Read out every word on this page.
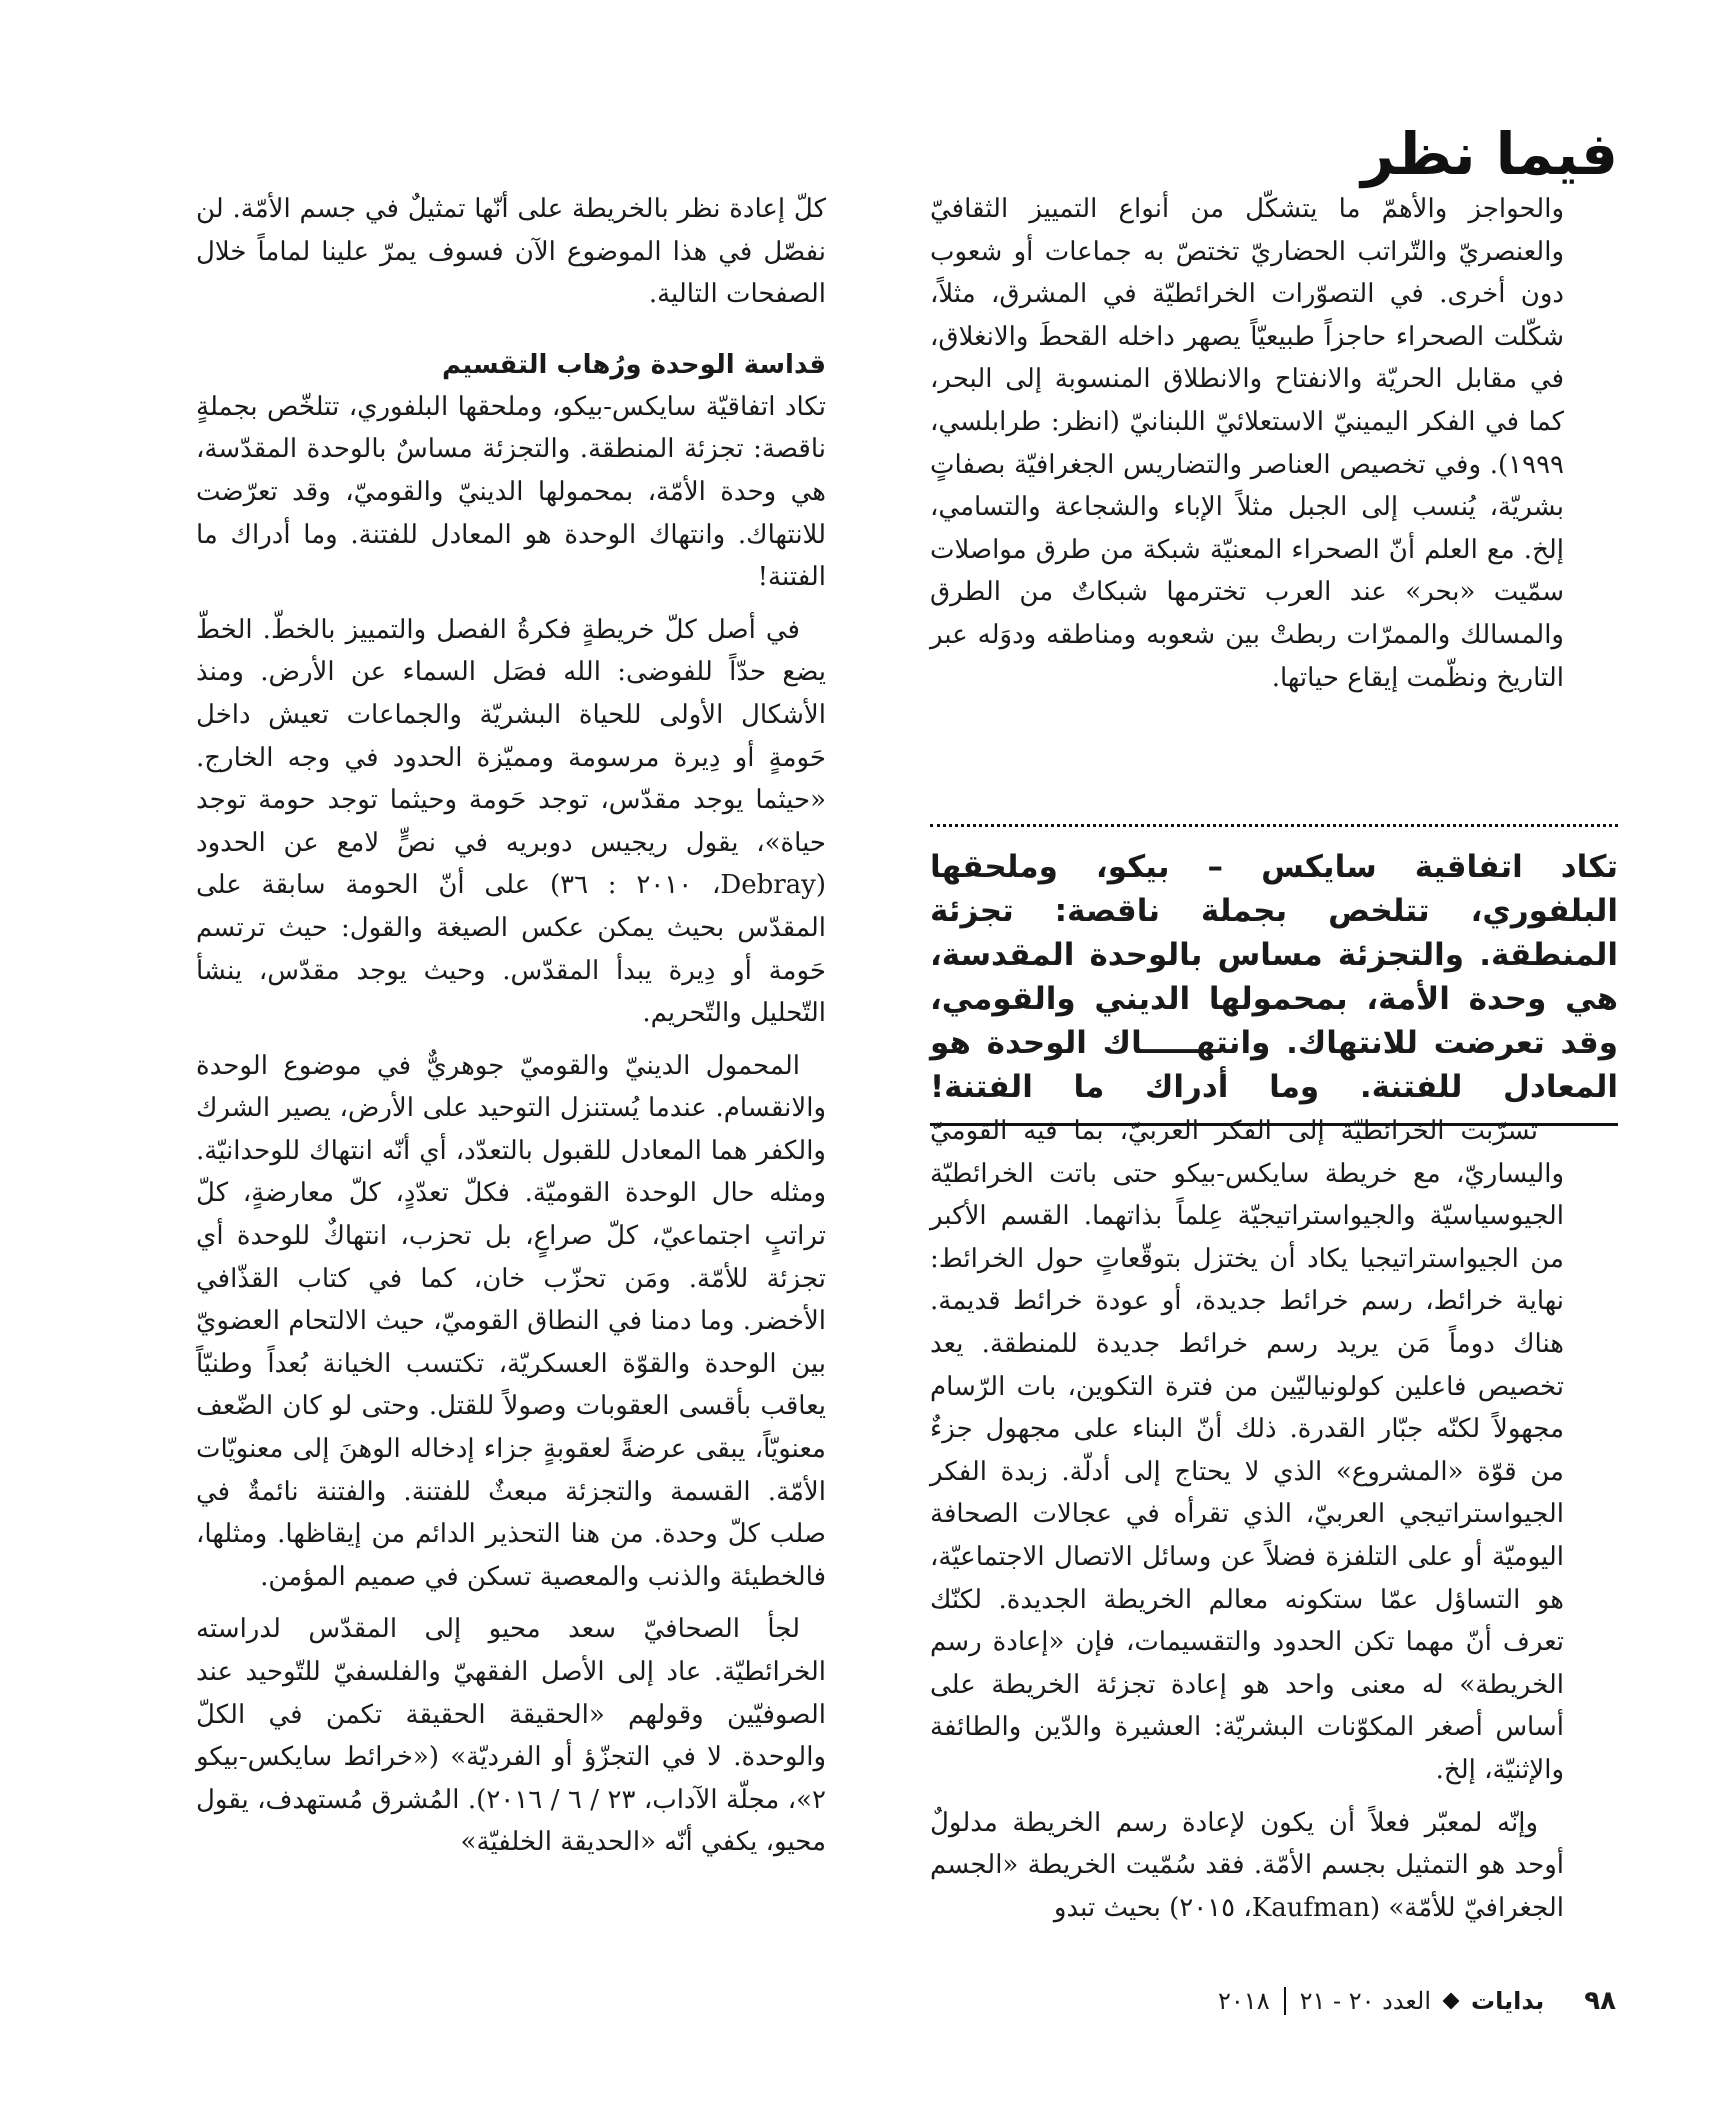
فيما نظر

والحواجز والأهمّ ما يتشكّل من أنواع التمييز الثقافيّ والعنصريّ والتّراتب الحضاريّ تختصّ به جماعات أو شعوب دون أخرى. في التصوّرات الخرائطيّة في المشرق، مثلاً، شكّلت الصحراء حاجزاً طبيعيّاً يصهر داخله القحطَ والانغلاق، في مقابل الحريّة والانفتاح والانطلاق المنسوبة إلى البحر، كما في الفكر اليمينيّ الاستعلائيّ اللبنانيّ (انظر: طرابلسي، ١٩٩٩). وفي تخصيص العناصر والتضاريس الجغرافيّة بصفاتٍ بشريّة، يُنسب إلى الجبل مثلاً الإباء والشجاعة والتسامي، إلخ. مع العلم أنّ الصحراء المعنيّة شبكة من طرق مواصلات سمّيت «بحر» عند العرب تخترمها شبكاتٌ من الطرق والمسالك والممرّات ربطتْ بين شعوبه ومناطقه ودوَله عبر التاريخ ونظّمت إيقاع حياتها.

تكاد اتفاقية سايكس – بيكو، وملحقها البلفوري، تتلخص بجملة ناقصة: تجزئة المنطقة. والتجزئة مساس بالوحدة المقدسة، هي وحدة الأمة، بمحمولها الديني والقومي، وقد تعرضت للانتهاك. وانتهـــــاك الوحدة هو المعادل للفتنة. وما أدراك ما الفتنة!

تسرّبت الخرائطيّة إلى الفكر العربيّ، بما فيه القوميّ واليساريّ، مع خريطة سايكس-بيكو حتى باتت الخرائطيّة الجيوسياسيّة والجيواستراتيجيّة عِلماً بذاتهما. القسم الأكبر من الجيواستراتيجيا يكاد أن يختزل بتوقّعاتٍ حول الخرائط: نهاية خرائط، رسم خرائط جديدة، أو عودة خرائط قديمة. هناك دوماً مَن يريد رسم خرائط جديدة للمنطقة. يعد تخصيص فاعلين كولونياليّين من فترة التكوين، بات الرّسام مجهولاً لكنّه جبّار القدرة. ذلك أنّ البناء على مجهول جزءٌ من قوّة «المشروع» الذي لا يحتاج إلى أدلّة. زبدة الفكر الجيواستراتيجي العربيّ، الذي تقرأه في عجالات الصحافة اليوميّة أو على التلفزة فضلاً عن وسائل الاتصال الاجتماعيّة، هو التساؤل عمّا ستكونه معالم الخريطة الجديدة. لكنّك تعرف أنّ مهما تكن الحدود والتقسيمات، فإن «إعادة رسم الخريطة» له معنى واحد هو إعادة تجزئة الخريطة على أساس أصغر المكوّنات البشريّة: العشيرة والدّين والطائفة والإثنيّة، إلخ.

وإنّه لمعبّر فعلاً أن يكون لإعادة رسم الخريطة مدلولٌ أوحد هو التمثيل بجسم الأمّة. فقد سُمّيت الخريطة «الجسم الجغرافيّ للأمّة» (Kaufman، ٢٠١٥) بحيث تبدو

كلّ إعادة نظر بالخريطة على أنّها تمثيلٌ في جسم الأمّة. لن نفصّل في هذا الموضوع الآن فسوف يمرّ علينا لماماً خلال الصفحات التالية.

قداسة الوحدة ورُهاب التقسيم

تكاد اتفاقيّة سايكس-بيكو، وملحقها البلفوري، تتلخّص بجملةٍ ناقصة: تجزئة المنطقة. والتجزئة مساسٌ بالوحدة المقدّسة، هي وحدة الأمّة، بمحمولها الدينيّ والقوميّ، وقد تعرّضت للانتهاك. وانتهاك الوحدة هو المعادل للفتنة. وما أدراك ما الفتنة!

في أصل كلّ خريطةٍ فكرةُ الفصل والتمييز بالخطّ. الخطّ يضع حدّاً للفوضى: الله فصَل السماء عن الأرض. ومنذ الأشكال الأولى للحياة البشريّة والجماعات تعيش داخل حَومةٍ أو دِيرة مرسومة ومميّزة الحدود في وجه الخارج. «حيثما يوجد مقدّس، توجد حَومة وحيثما توجد حومة توجد حياة»، يقول ريجيس دوبريه في نصٍّ لامع عن الحدود (Debray، ٢٠١٠ : ٣٦) على أنّ الحومة سابقة على المقدّس بحيث يمكن عكس الصيغة والقول: حيث ترتسم حَومة أو دِيرة يبدأ المقدّس. وحيث يوجد مقدّس، ينشأ التّحليل والتّحريم.

المحمول الدينيّ والقوميّ جوهريٌّ في موضوع الوحدة والانقسام. عندما يُستنزل التوحيد على الأرض، يصير الشرك والكفر هما المعادل للقبول بالتعدّد، أي أنّه انتهاك للوحدانيّة. ومثله حال الوحدة القوميّة. فكلّ تعدّدٍ، كلّ معارضةٍ، كلّ تراتبٍ اجتماعيّ، كلّ صراعٍ، بل تحزب، انتهاكٌ للوحدة أي تجزئة للأمّة. ومَن تحزّب خان، كما في كتاب القذّافي الأخضر. وما دمنا في النطاق القوميّ، حيث الالتحام العضويّ بين الوحدة والقوّة العسكريّة، تكتسب الخيانة بُعداً وطنيّاً يعاقب بأقسى العقوبات وصولاً للقتل. وحتى لو كان الضّعف معنويّاً، يبقى عرضةً لعقوبةٍ جزاء إدخاله الوهنَ إلى معنويّات الأمّة. القسمة والتجزئة مبعثٌ للفتنة. والفتنة نائمةٌ في صلب كلّ وحدة. من هنا التحذير الدائم من إيقاظها. ومثلها، فالخطيئة والذنب والمعصية تسكن في صميم المؤمن.

لجأ الصحافيّ سعد محيو إلى المقدّس لدراسته الخرائطيّة. عاد إلى الأصل الفقهيّ والفلسفيّ للتّوحيد عند الصوفيّين وقولهم «الحقيقة الحقيقة تكمن في الكلّ والوحدة. لا في التجزّؤ أو الفرديّة» («خرائط سايكس-بيكو ٢»، مجلّة الآداب، ٢٣ / ٦ / ٢٠١٦). المُشرق مُستهدف، يقول محيو، يكفي أنّه «الحديقة الخلفيّة»

٩٨
بدايات
العدد ٢٠ - ٢١
٢٠١٨
